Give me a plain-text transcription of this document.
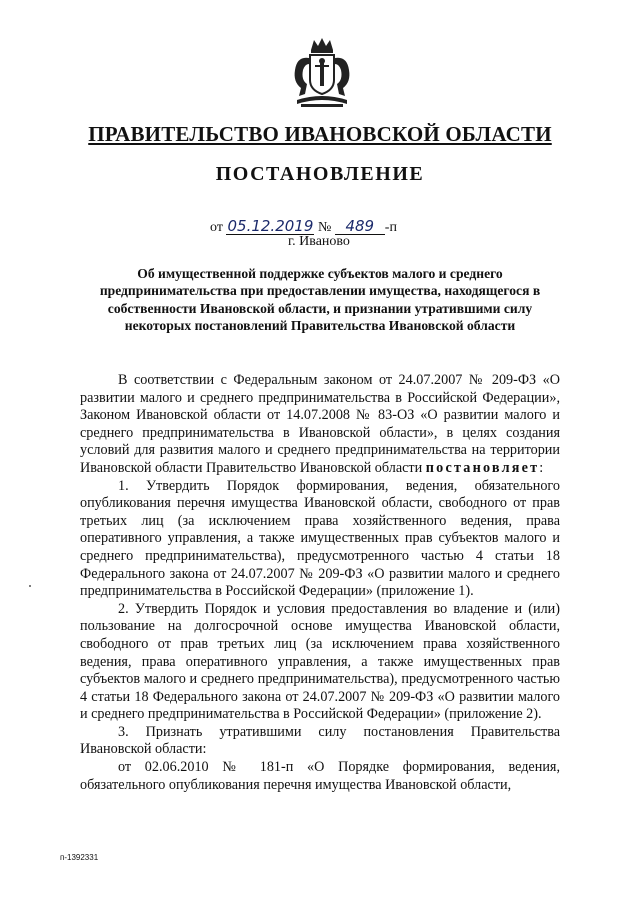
ПРАВИТЕЛЬСТВО ИВАНОВСКОЙ ОБЛАСТИ
ПОСТАНОВЛЕНИЕ
от 05.12.2019 № 489 -п
г. Иваново
Об имущественной поддержке субъектов малого и среднего предпринимательства при предоставлении имущества, находящегося в собственности Ивановской области, и признании утратившими силу некоторых постановлений Правительства Ивановской области

В соответствии с Федеральным законом от 24.07.2007 № 209-ФЗ «О развитии малого и среднего предпринимательства в Российской Федерации», Законом Ивановской области от 14.07.2008 № 83-ОЗ «О развитии малого и среднего предпринимательства в Ивановской области», в целях создания условий для развития малого и среднего предпринимательства на территории Ивановской области Правительство Ивановской области постановляет:

1. Утвердить Порядок формирования, ведения, обязательного опубликования перечня имущества Ивановской области, свободного от прав третьих лиц (за исключением права хозяйственного ведения, права оперативного управления, а также имущественных прав субъектов малого и среднего предпринимательства), предусмотренного частью 4 статьи 18 Федерального закона от 24.07.2007 № 209-ФЗ «О развитии малого и среднего предпринимательства в Российской Федерации» (приложение 1).

2. Утвердить Порядок и условия предоставления во владение и (или) пользование на долгосрочной основе имущества Ивановской области, свободного от прав третьих лиц (за исключением права хозяйственного ведения, права оперативного управления, а также имущественных прав субъектов малого и среднего предпринимательства), предусмотренного частью 4 статьи 18 Федерального закона от 24.07.2007 № 209-ФЗ «О развитии малого и среднего предпринимательства в Российской Федерации» (приложение 2).

3. Признать утратившими силу постановления Правительства Ивановской области:

от 02.06.2010 № 181-п «О Порядке формирования, ведения, обязательного опубликования перечня имущества Ивановской области,

п-1392331
